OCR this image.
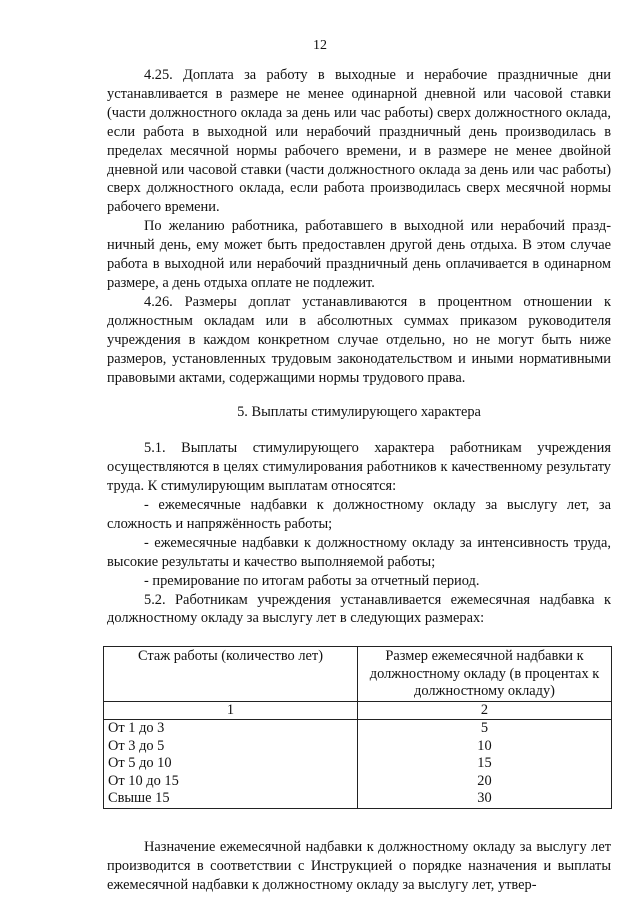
12

4.25. Доплата за работу в выходные и нерабочие праздничные дни устанавливается в размере не менее одинарной дневной или часовой ставки (части должностного оклада за день или час работы) сверх должностного оклада, если работа в выходной или нерабочий праздничный день производилась в пределах месячной нормы рабочего времени, и в размере не менее двойной дневной или часовой ставки (части должностного оклада за день или час работы) сверх должностного оклада, если работа производилась сверх месячной нормы рабочего времени.

По желанию работника, работавшего в выходной или нерабочий праздничный день, ему может быть предоставлен другой день отдыха. В этом случае работа в выходной или нерабочий праздничный день оплачивается в одинарном размере, а день отдыха оплате не подлежит.

4.26. Размеры доплат устанавливаются в процентном отношении к должностным окладам или в абсолютных суммах приказом руководителя учреждения в каждом конкретном случае отдельно, но не могут быть ниже размеров, установленных трудовым законодательством и иными нормативными правовыми актами, содержащими нормы трудового права.

5. Выплаты стимулирующего характера

5.1. Выплаты стимулирующего характера работникам учреждения осуществляются в целях стимулирования работников к качественному результату труда. К стимулирующим выплатам относятся:

- ежемесячные надбавки к должностному окладу за выслугу лет, за сложность и напряжённость работы;

- ежемесячные надбавки к должностному окладу за интенсивность труда, высокие результаты и качество выполняемой работы;

- премирование по итогам работы за отчетный период.

5.2. Работникам учреждения устанавливается ежемесячная надбавка к должностному окладу за выслугу лет в следующих размерах:

Стаж работы (количество лет)	Размер ежемесячной надбавки к должностному окладу (в процентах к должностному окладу)
1	2
От 1 до 3	5
От 3 до 5	10
От 5 до 10	15
От 10 до 15	20
Свыше 15	30

Назначение ежемесячной надбавки к должностному окладу за выслугу лет производится в соответствии с Инструкцией о порядке назначения и выплаты ежемесячной надбавки к должностному окладу за выслугу лет, утвер-
